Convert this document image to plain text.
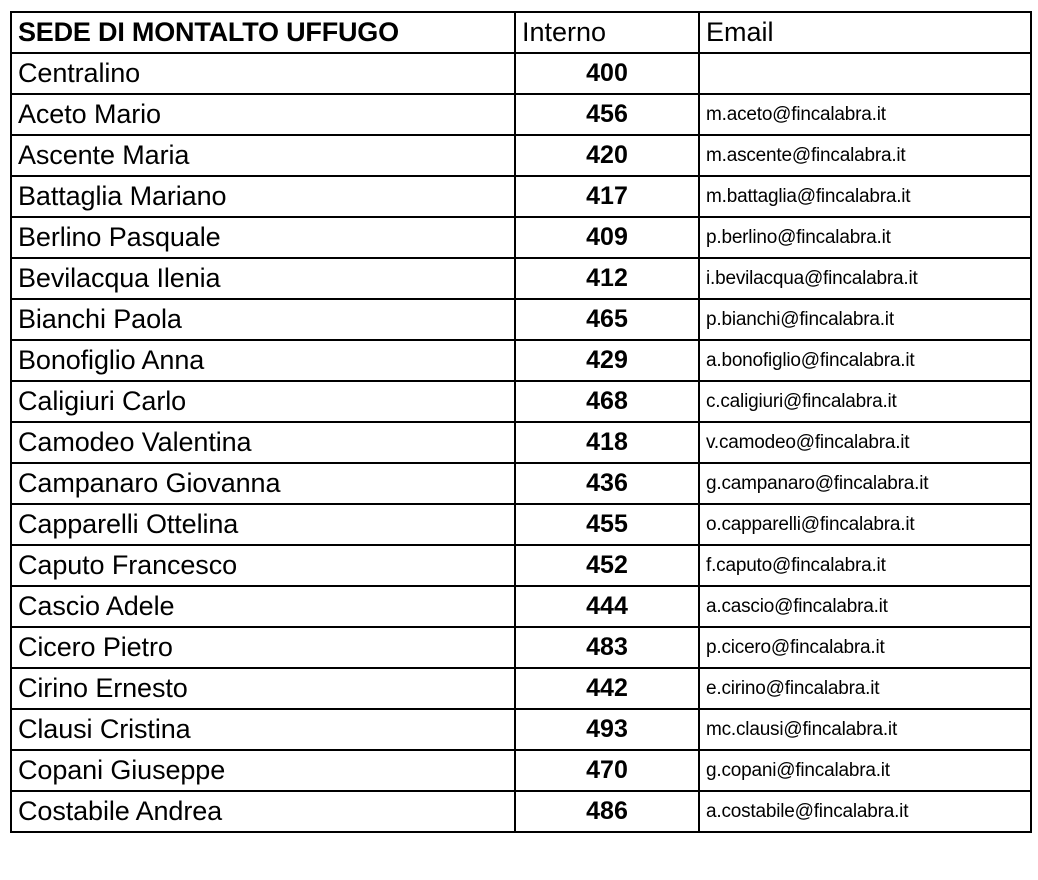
SEDE DI MONTALTO UFFUGO	Interno	Email
Centralino	400	
Aceto Mario	456	m.aceto@fincalabra.it
Ascente Maria	420	m.ascente@fincalabra.it
Battaglia Mariano	417	m.battaglia@fincalabra.it
Berlino Pasquale	409	p.berlino@fincalabra.it
Bevilacqua Ilenia	412	i.bevilacqua@fincalabra.it
Bianchi Paola	465	p.bianchi@fincalabra.it
Bonofiglio Anna	429	a.bonofiglio@fincalabra.it
Caligiuri Carlo	468	c.caligiuri@fincalabra.it
Camodeo Valentina	418	v.camodeo@fincalabra.it
Campanaro Giovanna	436	g.campanaro@fincalabra.it
Capparelli Ottelina	455	o.capparelli@fincalabra.it
Caputo Francesco	452	f.caputo@fincalabra.it
Cascio Adele	444	a.cascio@fincalabra.it
Cicero Pietro	483	p.cicero@fincalabra.it
Cirino Ernesto	442	e.cirino@fincalabra.it
Clausi Cristina	493	mc.clausi@fincalabra.it
Copani Giuseppe	470	g.copani@fincalabra.it
Costabile Andrea	486	a.costabile@fincalabra.it
